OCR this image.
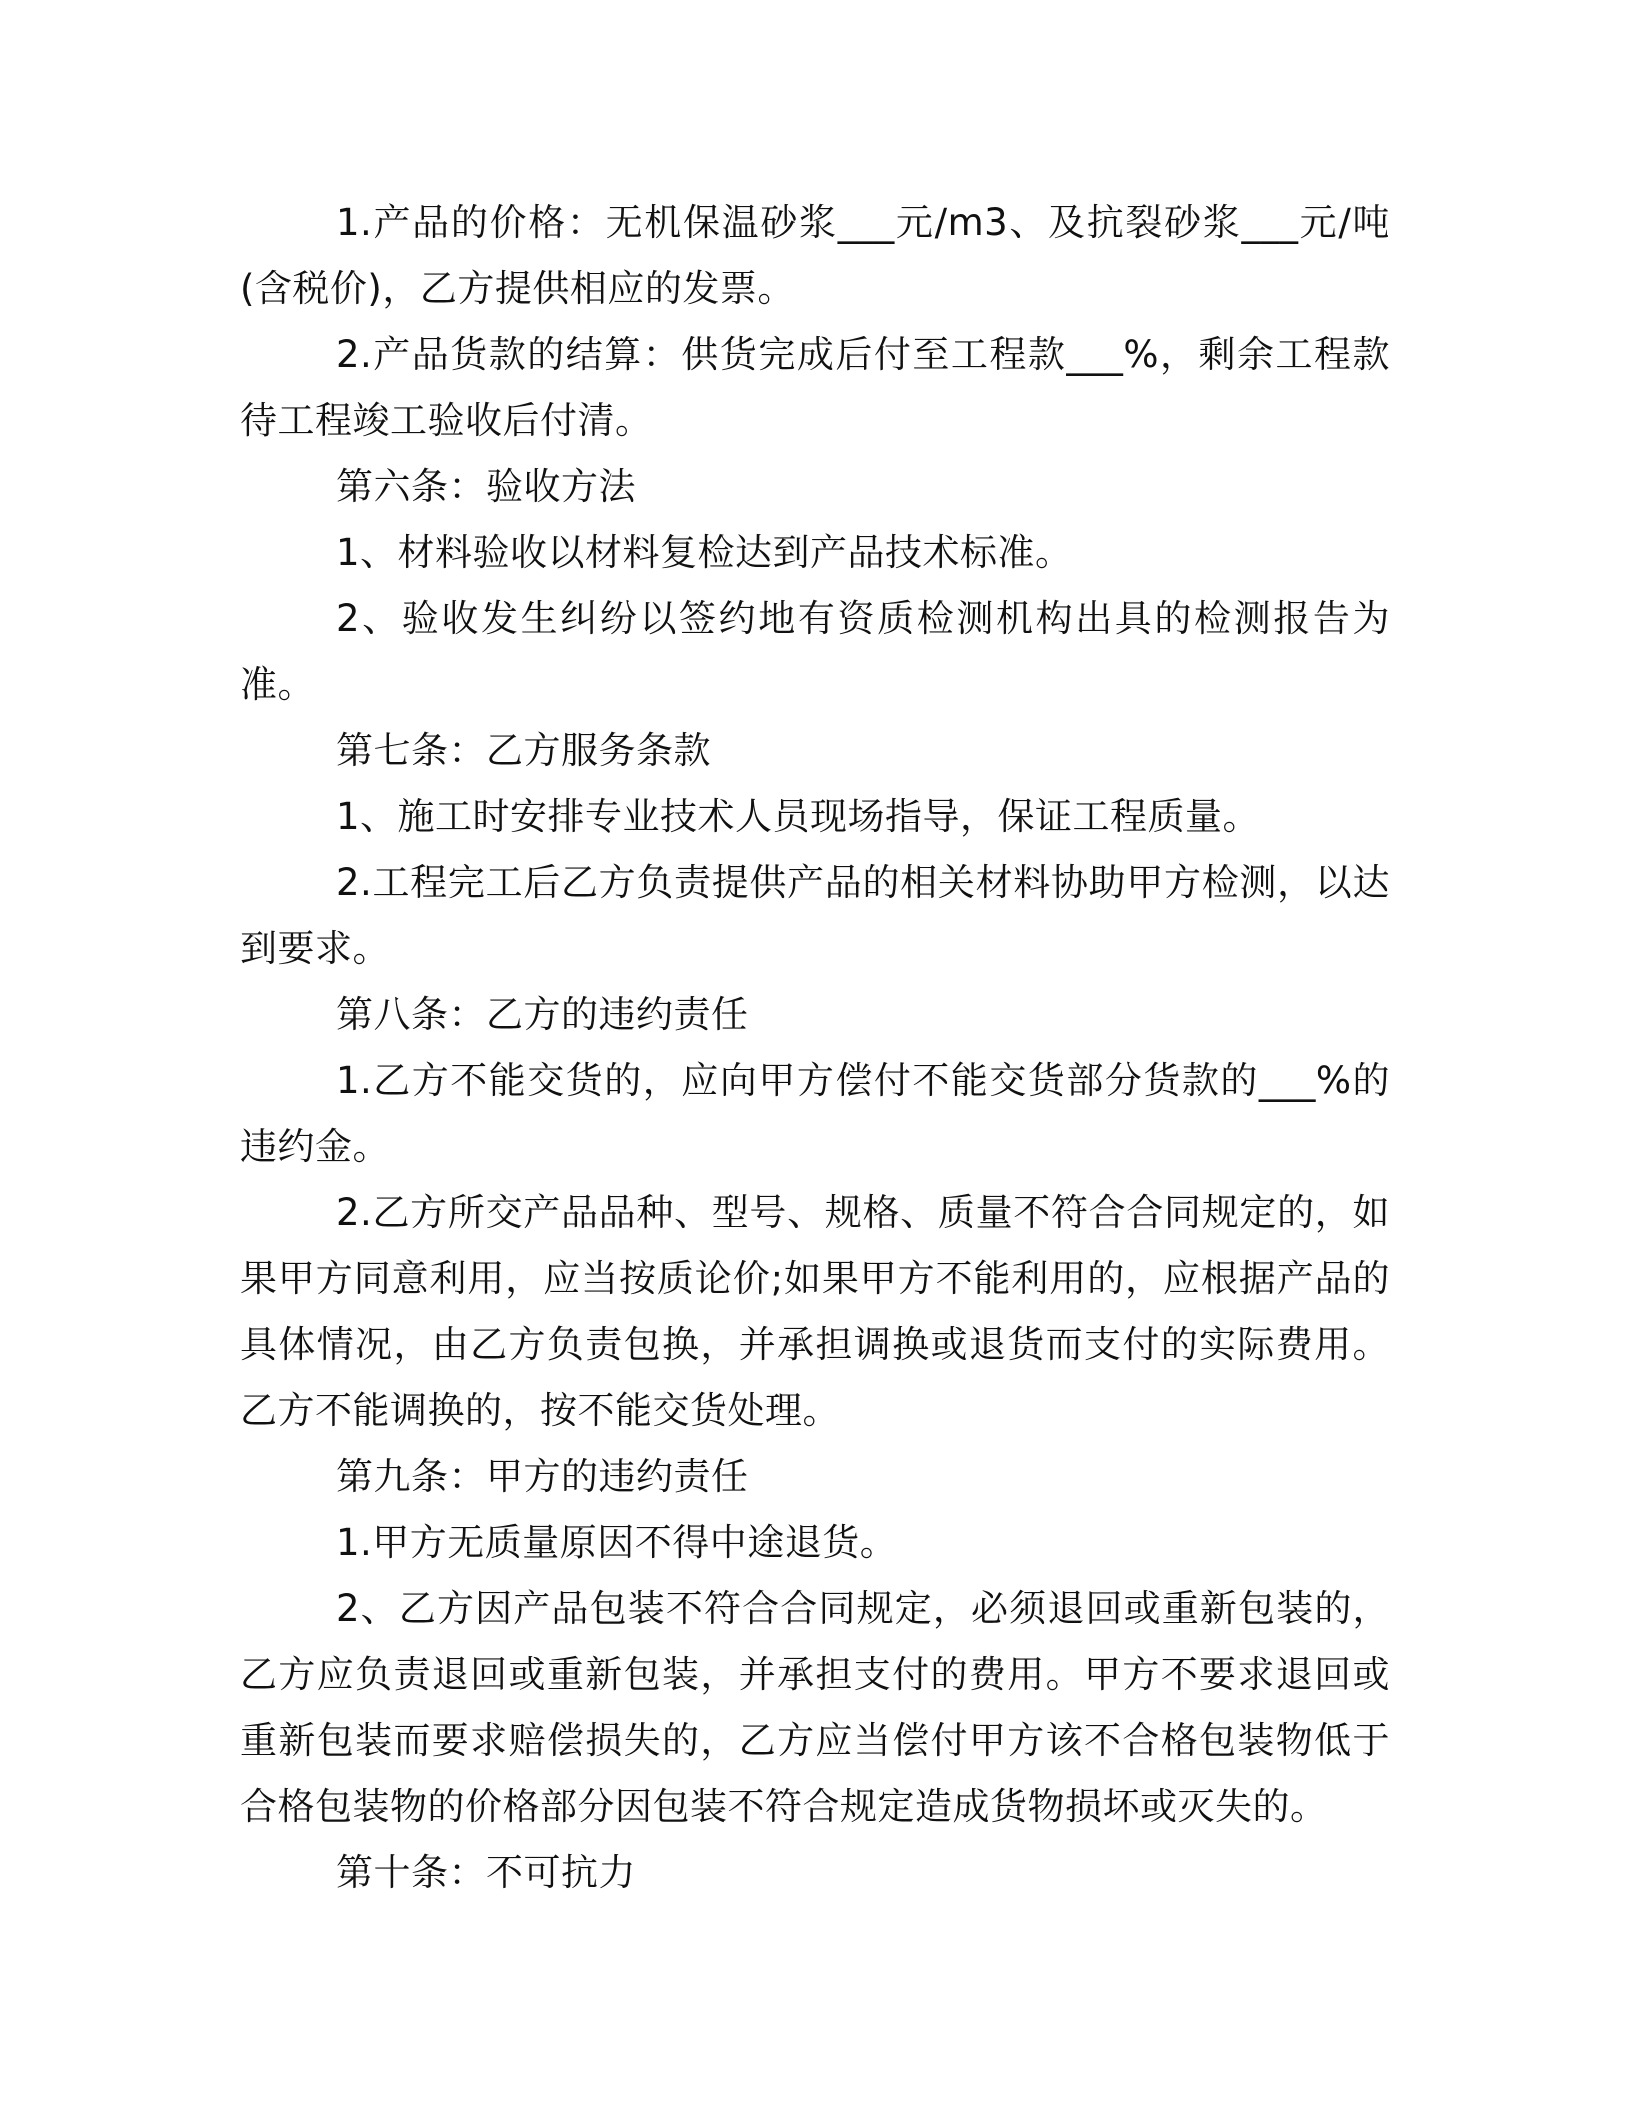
1.产品的价格：无机保温砂浆___元/m3、及抗裂砂浆___元/吨(含税价)，乙方提供相应的发票。

2.产品货款的结算：供货完成后付至工程款___%，剩余工程款待工程竣工验收后付清。

第六条：验收方法

1、材料验收以材料复检达到产品技术标准。

2、验收发生纠纷以签约地有资质检测机构出具的检测报告为准。

第七条：乙方服务条款

1、施工时安排专业技术人员现场指导，保证工程质量。

2.工程完工后乙方负责提供产品的相关材料协助甲方检测，以达到要求。

第八条：乙方的违约责任

1.乙方不能交货的，应向甲方偿付不能交货部分货款的___%的违约金。

2.乙方所交产品品种、型号、规格、质量不符合合同规定的，如果甲方同意利用，应当按质论价;如果甲方不能利用的，应根据产品的具体情况，由乙方负责包换，并承担调换或退货而支付的实际费用。乙方不能调换的，按不能交货处理。

第九条：甲方的违约责任

1.甲方无质量原因不得中途退货。

2、乙方因产品包装不符合合同规定，必须退回或重新包装的，乙方应负责退回或重新包装，并承担支付的费用。甲方不要求退回或重新包装而要求赔偿损失的，乙方应当偿付甲方该不合格包装物低于合格包装物的价格部分因包装不符合规定造成货物损坏或灭失的。

第十条：不可抗力
